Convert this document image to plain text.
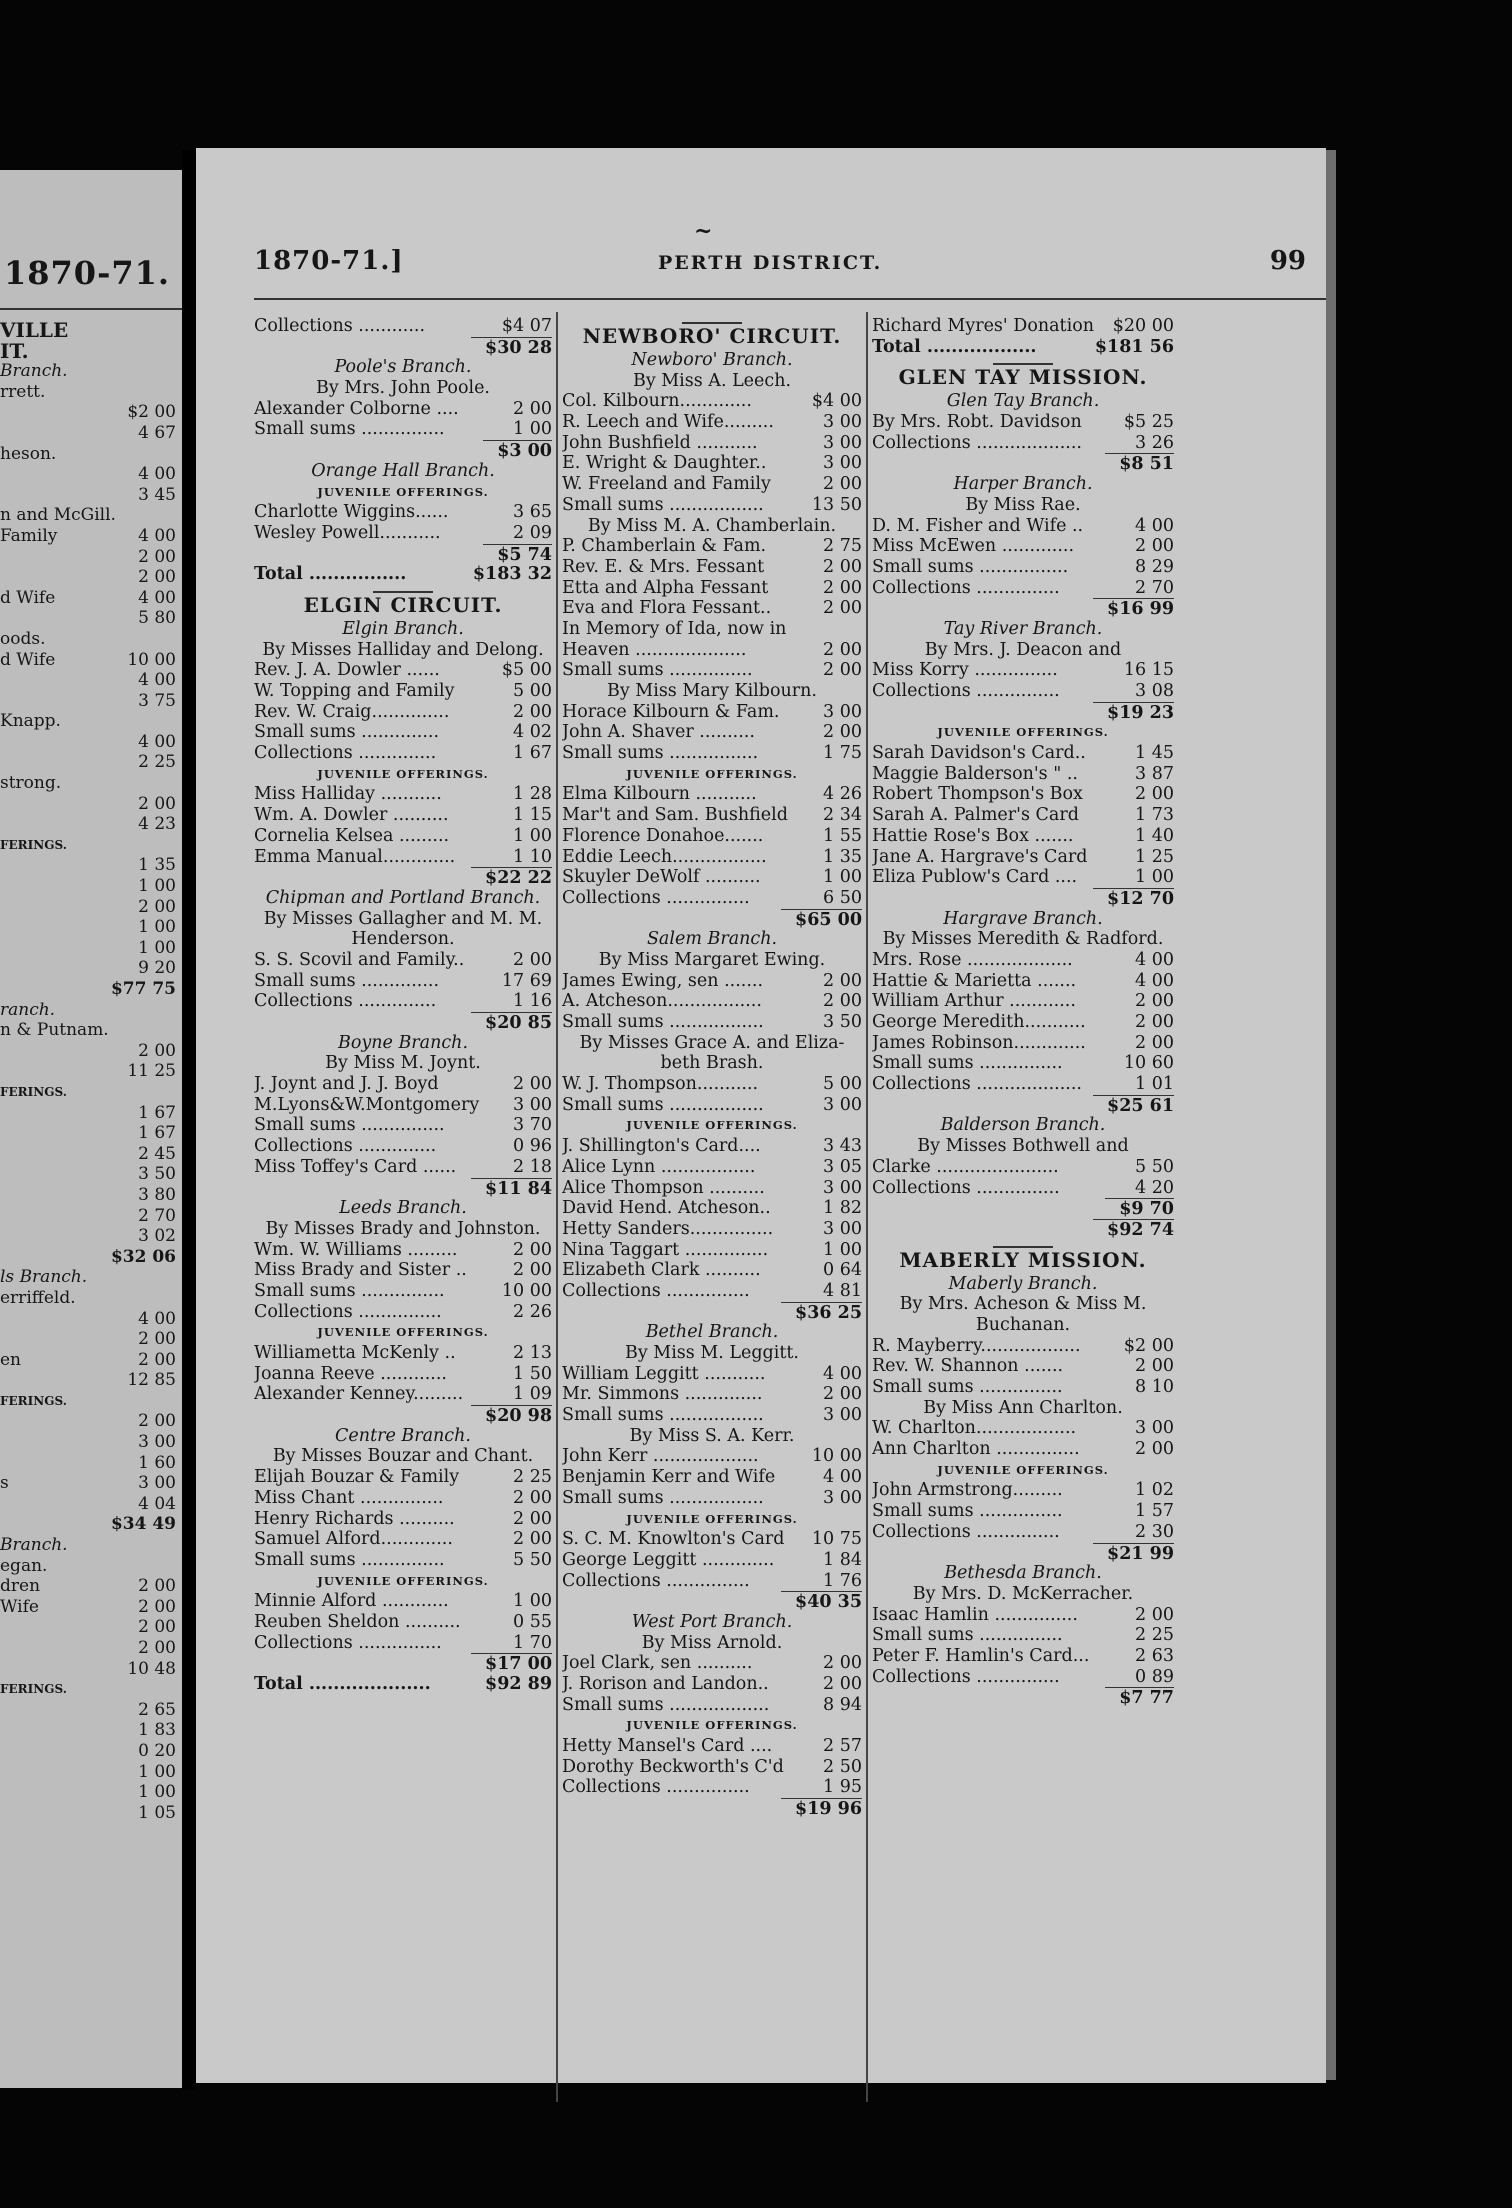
1870-71.
VILLE
IT.
Branch.
rrett.
$2 00
4 67
heson.
4 00
3 45
n and McGill.
Family	4 00
2 00
2 00
d Wife	4 00
5 80
oods.
d Wife	10 00
4 00
3 75
Knapp.
4 00
2 25
strong.
2 00
4 23
FERINGS.
1 35
1 00
2 00
1 00
1 00
9 20
$77 75
ranch.
n & Putnam.
2 00
11 25
FERINGS.
1 67
1 67
2 45
3 50
3 80
2 70
3 02
$32 06
ls Branch.
erriffeld.
4 00
2 00
en	2 00
12 85
FERINGS.
2 00
3 00
1 60
s	3 00
4 04
$34 49
Branch.
egan.
dren	2 00
Wife	2 00
2 00
2 00
10 48
FERINGS.
2 65
1 83
0 20
1 00
1 00
1 05
~
1870-71.]	PERTH DISTRICT.	99
Collections ............	$4 07
$30 28
Poole's Branch.
By Mrs. John Poole.
Alexander Colborne ....	2 00
Small sums ...............	1 00
$3 00
Orange Hall Branch.
JUVENILE OFFERINGS.
Charlotte Wiggins......	3 65
Wesley Powell...........	2 09
$5 74
Total ................	$183 32
ELGIN CIRCUIT.
Elgin Branch.
By Misses Halliday and Delong.
Rev. J. A. Dowler ......	$5 00
W. Topping and Family	5 00
Rev. W. Craig..............	2 00
Small sums ..............	4 02
Collections ..............	1 67
JUVENILE OFFERINGS.
Miss Halliday ...........	1 28
Wm. A. Dowler ..........	1 15
Cornelia Kelsea .........	1 00
Emma Manual.............	1 10
$22 22
Chipman and Portland Branch.
By Misses Gallagher and M. M.
Henderson.
S. S. Scovil and Family..	2 00
Small sums ..............	17 69
Collections ..............	1 16
$20 85
Boyne Branch.
By Miss M. Joynt.
J. Joynt and J. J. Boyd	2 00
M.Lyons&W.Montgomery 3 00
Small sums ...............	3 70
Collections ..............	0 96
Miss Toffey's Card ......	2 18
$11 84
Leeds Branch.
By Misses Brady and Johnston.
Wm. W. Williams .........	2 00
Miss Brady and Sister ..	2 00
Small sums ...............	10 00
Collections ...............	2 26
JUVENILE OFFERINGS.
Williametta McKenly ..	2 13
Joanna Reeve ............	1 50
Alexander Kenney.........	1 09
$20 98
Centre Branch.
By Misses Bouzar and Chant.
Elijah Bouzar & Family	2 25
Miss Chant ...............	2 00
Henry Richards ..........	2 00
Samuel Alford.............	2 00
Small sums ...............	5 50
JUVENILE OFFERINGS.
Minnie Alford ............	1 00
Reuben Sheldon ..........	0 55
Collections ...............	1 70
$17 00
Total ....................	$92 89
NEWBORO' CIRCUIT.
Newboro' Branch.
By Miss A. Leech.
Col. Kilbourn.............	$4 00
R. Leech and Wife.........	3 00
John Bushfield ...........	3 00
E. Wright & Daughter..	3 00
W. Freeland and Family	2 00
Small sums .................	13 50
By Miss M. A. Chamberlain.
P. Chamberlain & Fam.	2 75
Rev. E. & Mrs. Fessant	2 00
Etta and Alpha Fessant	2 00
Eva and Flora Fessant..	2 00
In Memory of Ida, now in
Heaven ....................	2 00
Small sums ...............	2 00
By Miss Mary Kilbourn.
Horace Kilbourn & Fam. 3 00
John A. Shaver ..........	2 00
Small sums ................	1 75
JUVENILE OFFERINGS.
Elma Kilbourn ...........	4 26
Mar't and Sam. Bushfield 2 34
Florence Donahoe.......	1 55
Eddie Leech.................	1 35
Skuyler DeWolf ..........	1 00
Collections ...............	6 50
$65 00
Salem Branch.
By Miss Margaret Ewing.
James Ewing, sen .......	2 00
A. Atcheson.................	2 00
Small sums .................	3 50
By Misses Grace A. and Eliza-
beth Brash.
W. J. Thompson...........	5 00
Small sums .................	3 00
JUVENILE OFFERINGS.
J. Shillington's Card....	3 43
Alice Lynn .................	3 05
Alice Thompson ..........	3 00
David Hend. Atcheson..	1 82
Hetty Sanders...............	3 00
Nina Taggart ...............	1 00
Elizabeth Clark ..........	0 64
Collections ...............	4 81
$36 25
Bethel Branch.
By Miss M. Leggitt.
William Leggitt ...........	4 00
Mr. Simmons ..............	2 00
Small sums .................	3 00
By Miss S. A. Kerr.
John Kerr ...................	10 00
Benjamin Kerr and Wife	4 00
Small sums .................	3 00
JUVENILE OFFERINGS.
S. C. M. Knowlton's Card 10 75
George Leggitt .............	1 84
Collections ...............	1 76
$40 35
West Port Branch.
By Miss Arnold.
Joel Clark, sen ..........	2 00
J. Rorison and Landon..	2 00
Small sums ..................	8 94
JUVENILE OFFERINGS.
Hetty Mansel's Card ....	2 57
Dorothy Beckworth's C'd 2 50
Collections ...............	1 95
$19 96
Richard Myres' Donation $20 00
Total ..................	$181 56
GLEN TAY MISSION.
Glen Tay Branch.
By Mrs. Robt. Davidson $5 25
Collections ...................	3 26
$8 51
Harper Branch.
By Miss Rae.
D. M. Fisher and Wife ..	4 00
Miss McEwen .............	2 00
Small sums ................	8 29
Collections ...............	2 70
$16 99
Tay River Branch.
By Mrs. J. Deacon and
Miss Korry ...............	16 15
Collections ...............	3 08
$19 23
JUVENILE OFFERINGS.
Sarah Davidson's Card..	1 45
Maggie Balderson's " ..	3 87
Robert Thompson's Box	2 00
Sarah A. Palmer's Card	1 73
Hattie Rose's Box .......	1 40
Jane A. Hargrave's Card	1 25
Eliza Publow's Card ....	1 00
$12 70
Hargrave Branch.
By Misses Meredith & Radford.
Mrs. Rose ...................	4 00
Hattie & Marietta .......	4 00
William Arthur ............	2 00
George Meredith...........	2 00
James Robinson.............	2 00
Small sums ...............	10 60
Collections ...................	1 01
$25 61
Balderson Branch.
By Misses Bothwell and
Clarke ......................	5 50
Collections ...............	4 20
$9 70
$92 74
MABERLY MISSION.
Maberly Branch.
By Mrs. Acheson & Miss M.
Buchanan.
R. Mayberry.................. $2 00
Rev. W. Shannon .......	2 00
Small sums ...............	8 10
By Miss Ann Charlton.
W. Charlton..................	3 00
Ann Charlton ...............	2 00
JUVENILE OFFERINGS.
John Armstrong.........	1 02
Small sums ...............	1 57
Collections ...............	2 30
$21 99
Bethesda Branch.
By Mrs. D. McKerracher.
Isaac Hamlin ...............	2 00
Small sums ...............	2 25
Peter F. Hamlin's Card...	2 63
Collections ...............	0 89
$7 77
